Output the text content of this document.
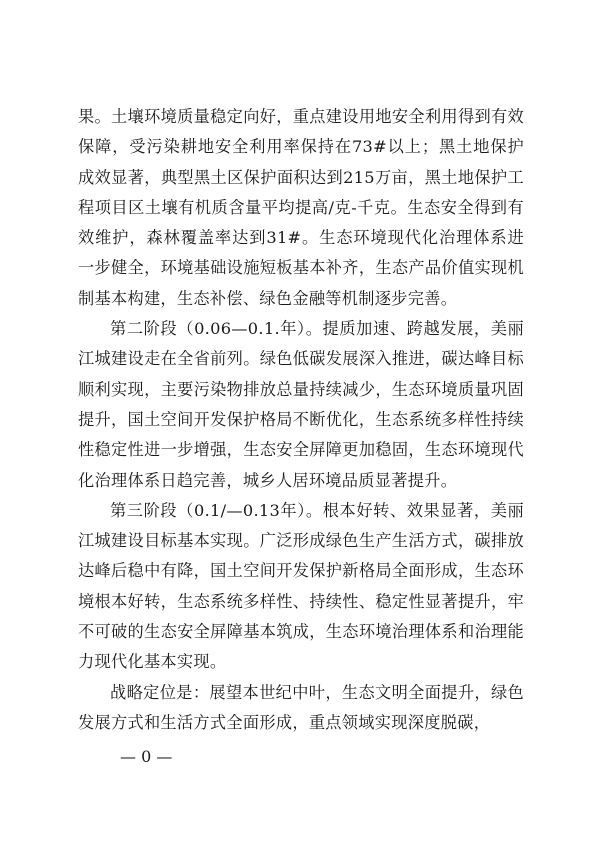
果。土壤环境质量稳定向好，重点建设用地安全利用得到有效保障，受污染耕地安全利用率保持在73#以上；黑土地保护成效显著，典型黑土区保护面积达到215万亩，黑土地保护工程项目区土壤有机质含量平均提高/克-千克。生态安全得到有效维护，森林覆盖率达到31#。生态环境现代化治理体系进一步健全，环境基础设施短板基本补齐，生态产品价值实现机制基本构建，生态补偿、绿色金融等机制逐步完善。

第二阶段（0.06—0.1.年）。提质加速、跨越发展，美丽江城建设走在全省前列。绿色低碳发展深入推进，碳达峰目标顺利实现，主要污染物排放总量持续减少，生态环境质量巩固提升，国土空间开发保护格局不断优化，生态系统多样性持续性稳定性进一步增强，生态安全屏障更加稳固，生态环境现代化治理体系日趋完善，城乡人居环境品质显著提升。

第三阶段（0.1/—0.13年）。根本好转、效果显著，美丽江城建设目标基本实现。广泛形成绿色生产生活方式，碳排放达峰后稳中有降，国土空间开发保护新格局全面形成，生态环境根本好转，生态系统多样性、持续性、稳定性显著提升，牢不可破的生态安全屏障基本筑成，生态环境治理体系和治理能力现代化基本实现。

战略定位是：展望本世纪中叶，生态文明全面提升，绿色发展方式和生活方式全面形成，重点领域实现深度脱碳，

— 0 —
